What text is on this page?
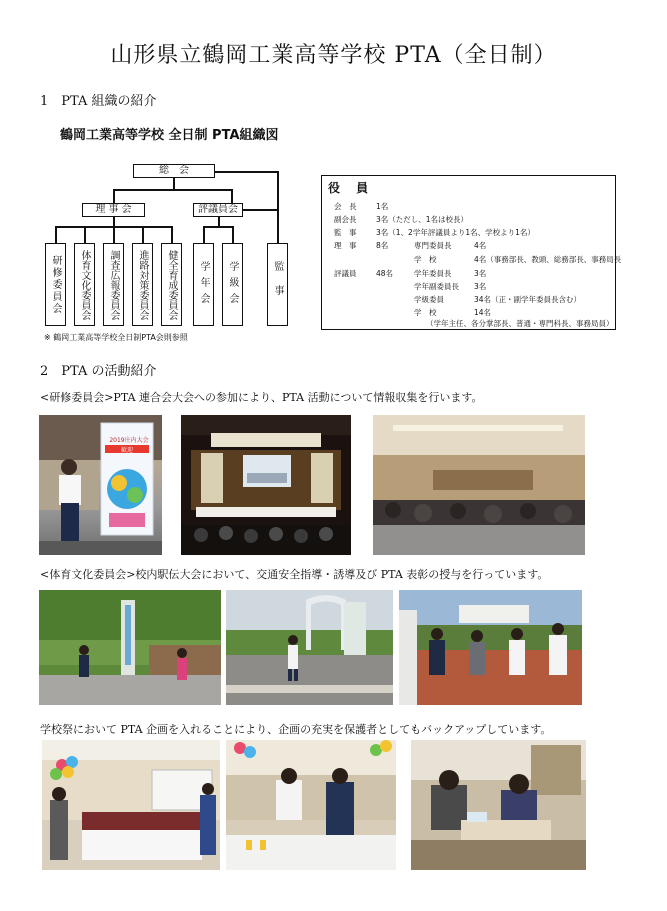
山形県立鶴岡工業高等学校 PTA（全日制）
1　PTA 組織の紹介
鶴岡工業高等学校 全日制 PTA組織図
総　会
理 事 会	評議員会
研修委員会	体育文化委員会	調査広報委員会	進路対策委員会	健全育成委員会	学年会	学級会	監事
※ 鶴岡工業高等学校全日制PTA会則参照
役 員
会　長	1名
副会長	3名（ただし、1名は校長）
監　事	3名（1、2学年評議員より1名、学校より1名）
理　事	8名	専門委員長	4名
学　校	4名（事務部長、教頭、総務部長、事務局長
評議員	48名	学年委員長	3名
学年副委員長 3名
学級委員	34名（正・副学年委員長含む）
学　校	14名
（学年主任、各分掌部長、普通・専門科長、事務局員）
2　PTA の活動紹介
<研修委員会>PTA 連合会大会への参加により、PTA 活動について情報収集を行います。
2019庄内大会
歓迎
<体育文化委員会>校内駅伝大会において、交通安全指導・誘導及び PTA 表彰の授与を行っています。
学校祭において PTA 企画を入れることにより、企画の充実を保護者としてもバックアップしています。
